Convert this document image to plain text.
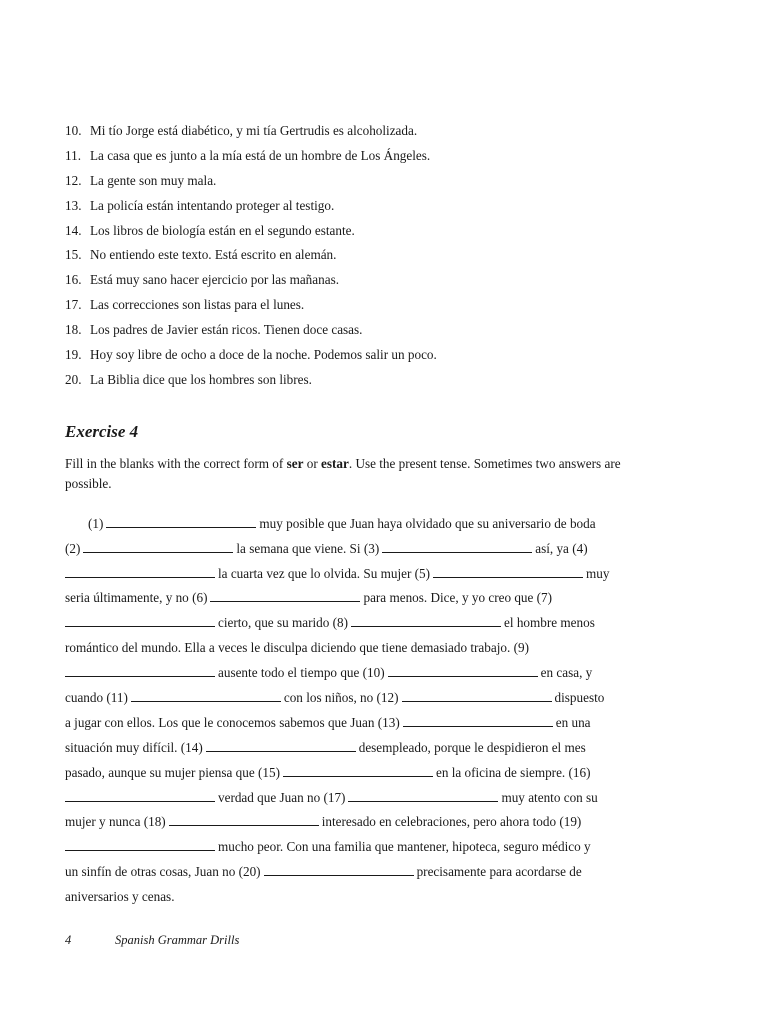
10. Mi tío Jorge está diabético, y mi tía Gertrudis es alcoholizada.
11. La casa que es junto a la mía está de un hombre de Los Ángeles.
12. La gente son muy mala.
13. La policía están intentando proteger al testigo.
14. Los libros de biología están en el segundo estante.
15. No entiendo este texto. Está escrito en alemán.
16. Está muy sano hacer ejercicio por las mañanas.
17. Las correcciones son listas para el lunes.
18. Los padres de Javier están ricos. Tienen doce casas.
19. Hoy soy libre de ocho a doce de la noche. Podemos salir un poco.
20. La Biblia dice que los hombres son libres.
Exercise 4

Fill in the blanks with the correct form of ser or estar. Use the present tense. Sometimes two answers are possible.

(1)	muy posible que Juan haya olvidado que su aniversario de boda
(2)	la semana que viene. Si (3)	así, ya (4)
la cuarta vez que lo olvida. Su mujer (5)	muy
seria últimamente, y no (6)	para menos. Dice, y yo creo que (7)
cierto, que su marido (8)	el hombre menos
romántico del mundo. Ella a veces le disculpa diciendo que tiene demasiado trabajo. (9)
ausente todo el tiempo que (10)	en casa, y
cuando (11)	con los niños, no (12)	dispuesto
a jugar con ellos. Los que le conocemos sabemos que Juan (13)	en una
situación muy difícil. (14)	desempleado, porque le despidieron el mes
pasado, aunque su mujer piensa que (15)	en la oficina de siempre. (16)
verdad que Juan no (17)	muy atento con su
mujer y nunca (18)	interesado en celebraciones, pero ahora todo (19)
mucho peor. Con una familia que mantener, hipoteca, seguro médico y
un sinfín de otras cosas, Juan no (20)	precisamente para acordarse de
aniversarios y cenas.
4	Spanish Grammar Drills
